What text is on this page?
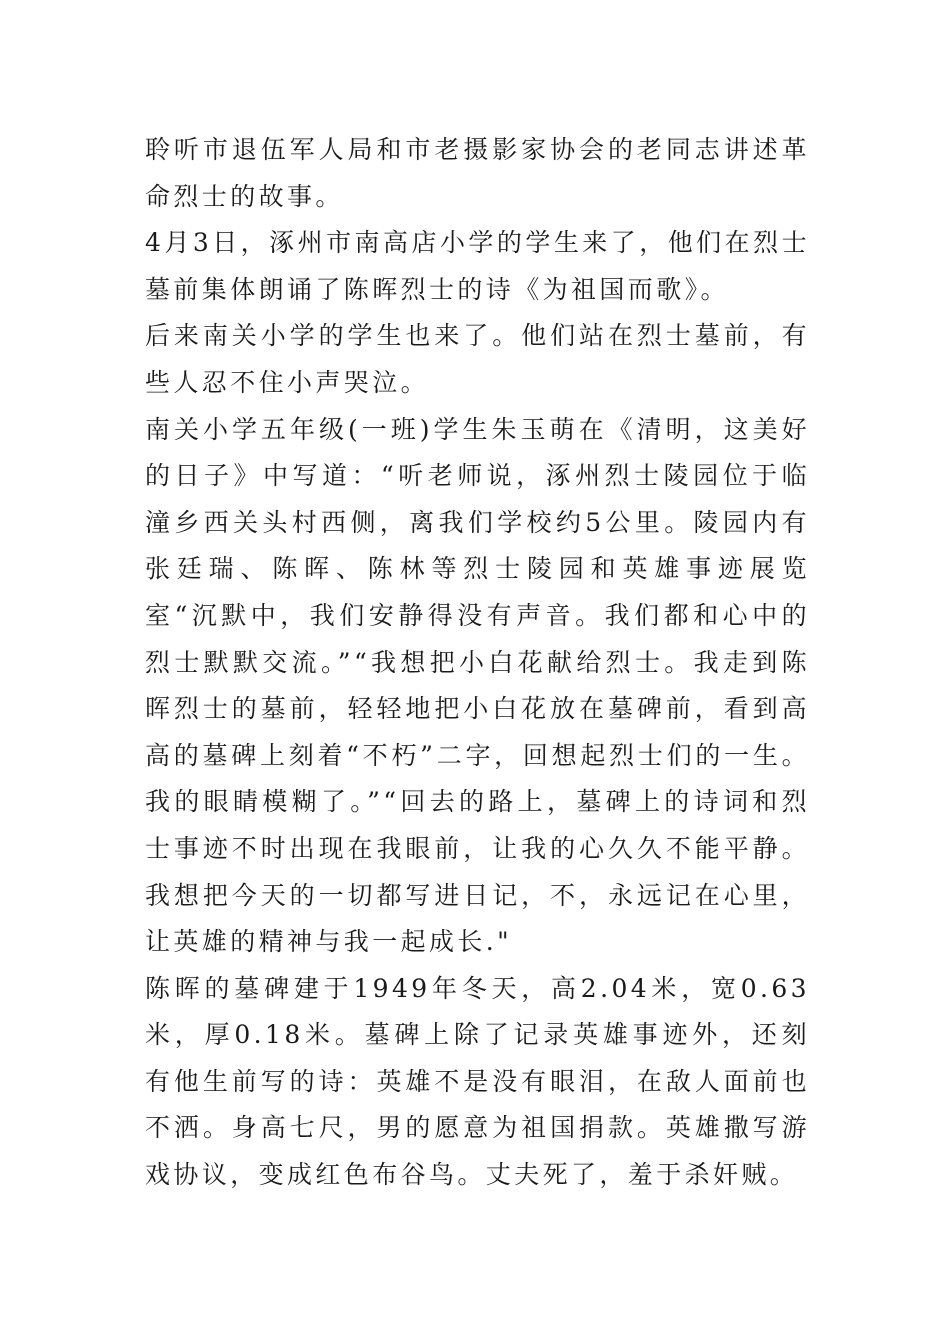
聆听市退伍军人局和市老摄影家协会的老同志讲述革命烈士的故事。

4月3日，涿州市南高店小学的学生来了，他们在烈士墓前集体朗诵了陈晖烈士的诗《为祖国而歌》。

后来南关小学的学生也来了。他们站在烈士墓前，有些人忍不住小声哭泣。

南关小学五年级(一班)学生朱玉萌在《清明，这美好的日子》中写道：“听老师说，涿州烈士陵园位于临潼乡西关头村西侧，离我们学校约5公里。陵园内有张廷瑞、陈晖、陈林等烈士陵园和英雄事迹展览室“沉默中，我们安静得没有声音。我们都和心中的烈士默默交流。”“我想把小白花献给烈士。我走到陈晖烈士的墓前，轻轻地把小白花放在墓碑前，看到高高的墓碑上刻着“不朽”二字，回想起烈士们的一生。我的眼睛模糊了。”“回去的路上，墓碑上的诗词和烈士事迹不时出现在我眼前，让我的心久久不能平静。我想把今天的一切都写进日记，不，永远记在心里，让英雄的精神与我一起成长."

陈晖的墓碑建于1949年冬天，高2.04米，宽0.63米，厚0.18米。墓碑上除了记录英雄事迹外，还刻有他生前写的诗：英雄不是没有眼泪，在敌人面前也不洒。身高七尺，男的愿意为祖国捐款。英雄撒写游戏协议，变成红色布谷鸟。丈夫死了，羞于杀奸贼。
